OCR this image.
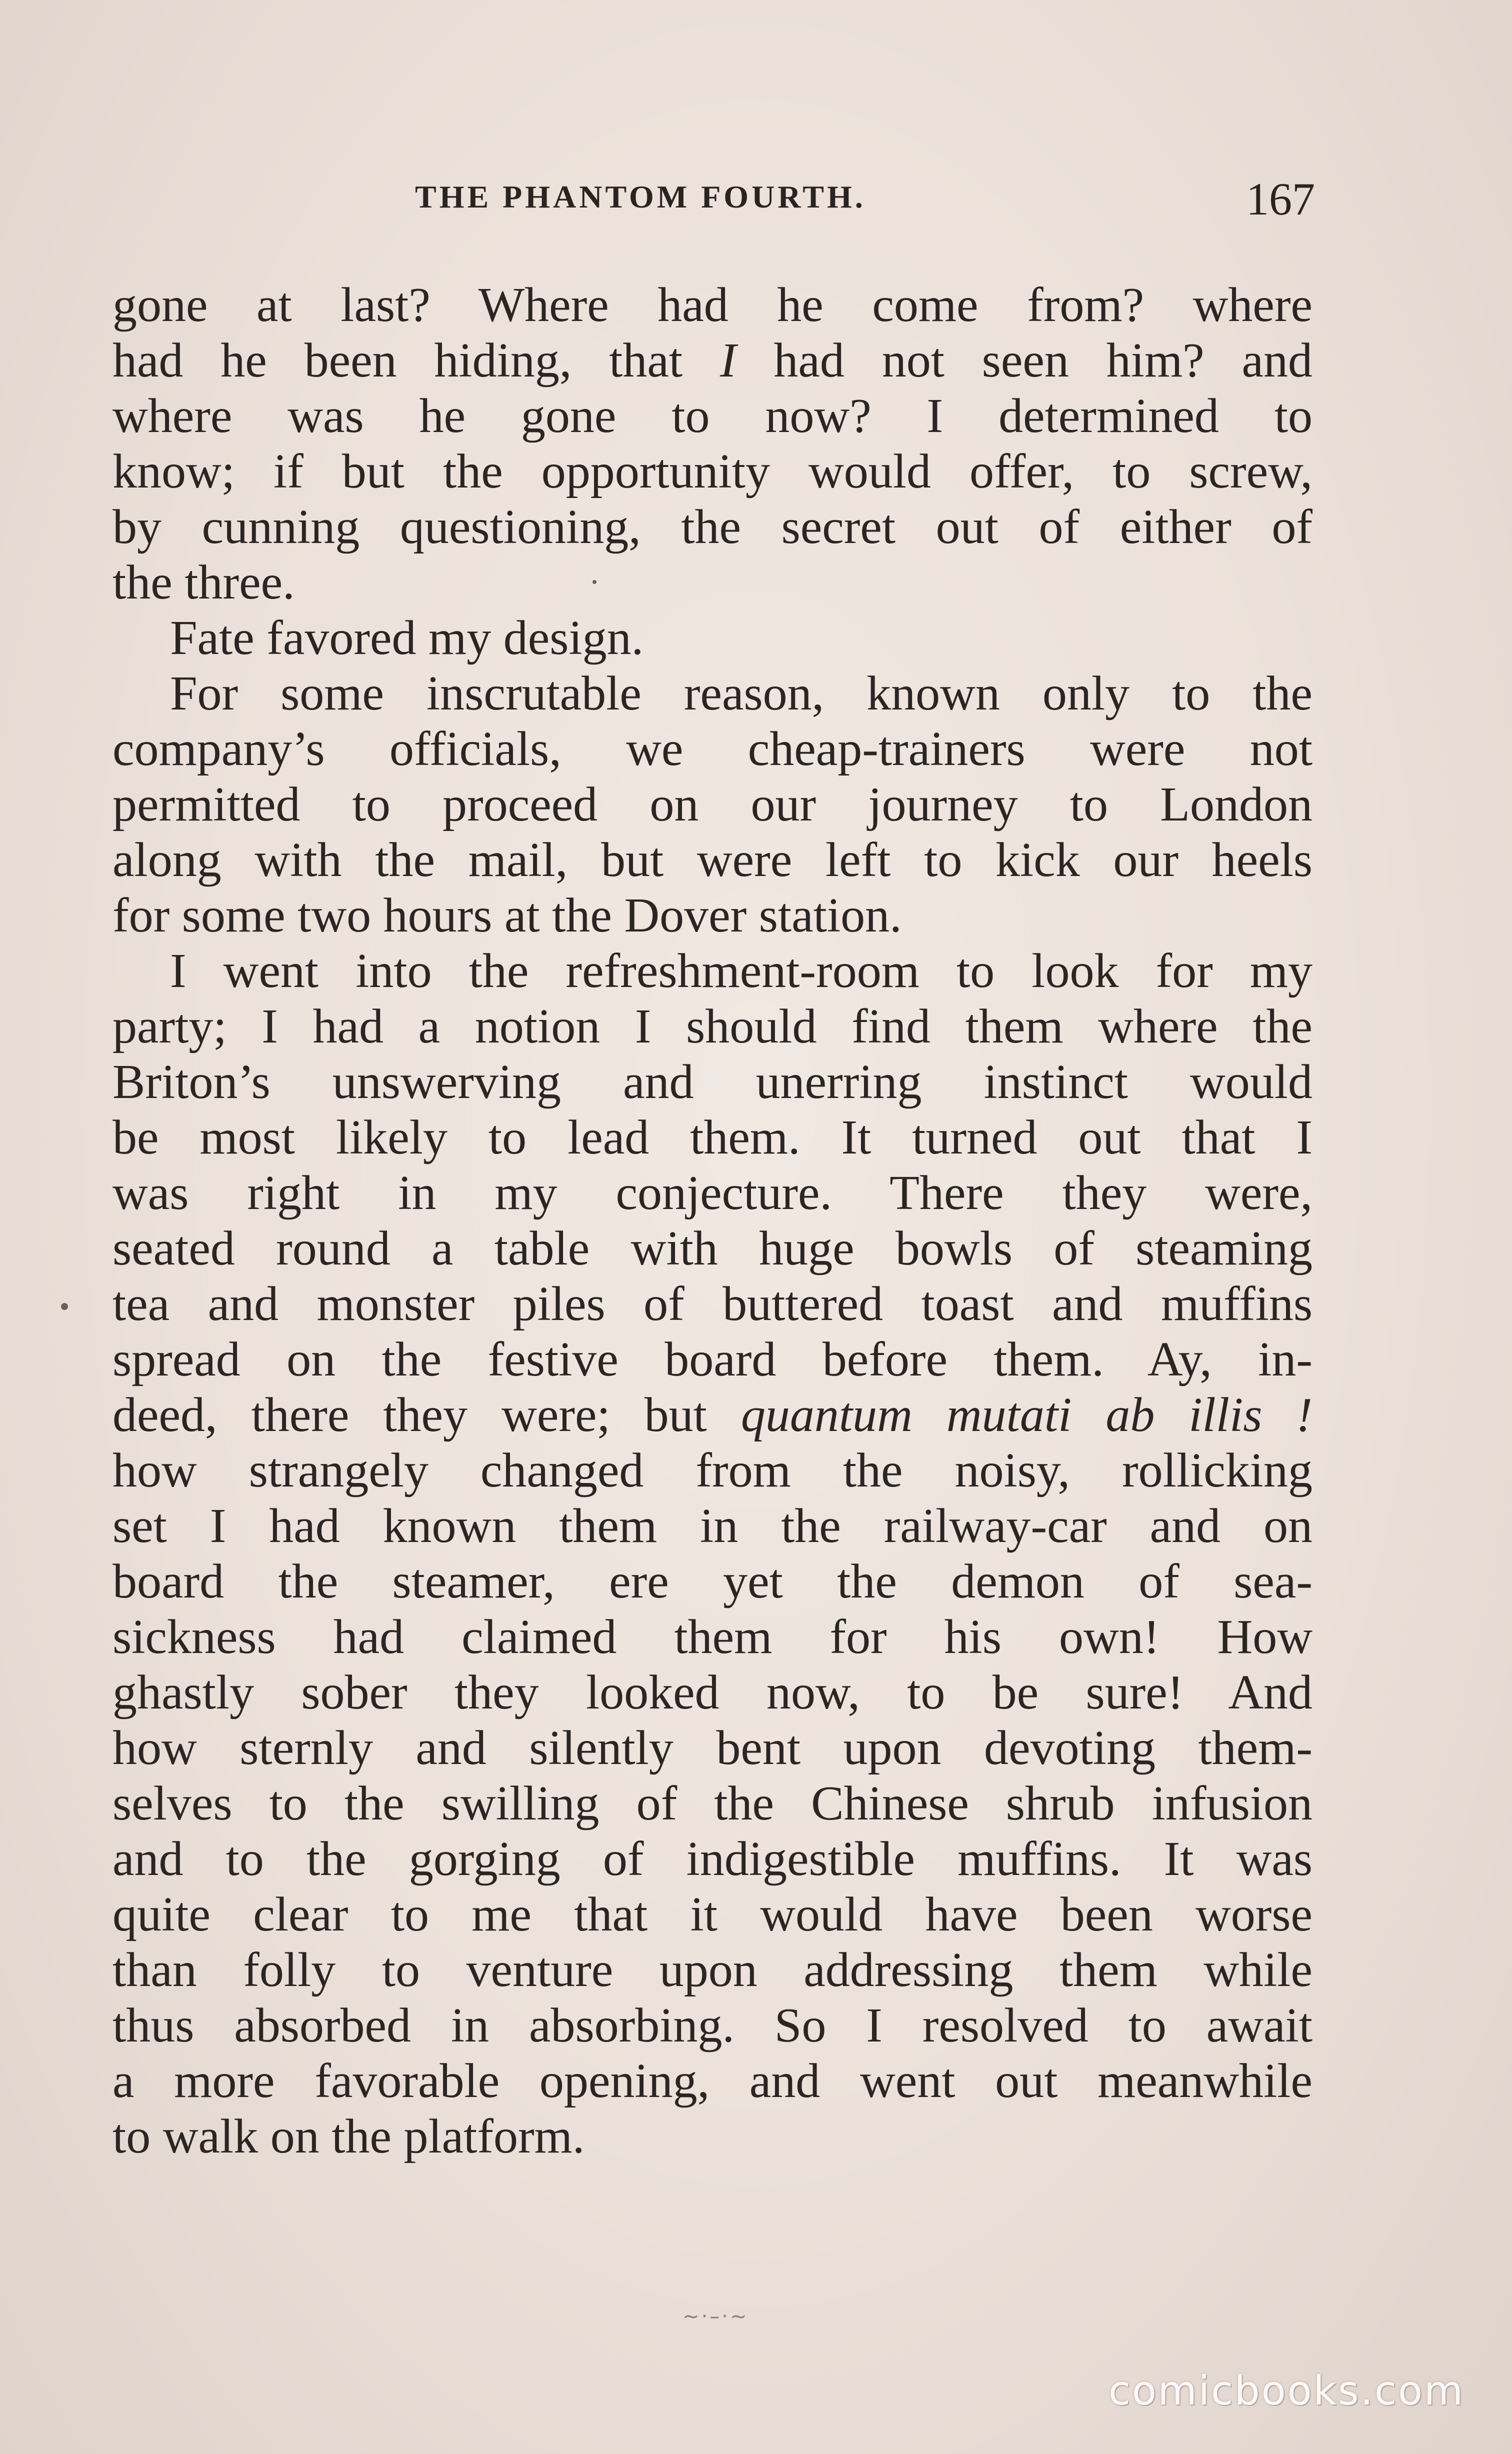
THE PHANTOM FOURTH.	167
gone at last? Where had he come from? where
had he been hiding, that I had not seen him? and
where was he gone to now? I determined to
know; if but the opportunity would offer, to screw,
by cunning questioning, the secret out of either of
the three.
Fate favored my design.
For some inscrutable reason, known only to the
company’s officials, we cheap-trainers were not
permitted to proceed on our journey to London
along with the mail, but were left to kick our heels
for some two hours at the Dover station.
I went into the refreshment-room to look for my
party; I had a notion I should find them where the
Briton’s unswerving and unerring instinct would
be most likely to lead them. It turned out that I
was right in my conjecture. There they were,
seated round a table with huge bowls of steaming
tea and monster piles of buttered toast and muffins
spread on the festive board before them. Ay, in-
deed, there they were; but quantum mutati ab illis !
how strangely changed from the noisy, rollicking
set I had known them in the railway-car and on
board the steamer, ere yet the demon of sea-
sickness had claimed them for his own! How
ghastly sober they looked now, to be sure! And
how sternly and silently bent upon devoting them-
selves to the swilling of the Chinese shrub infusion
and to the gorging of indigestible muffins. It was
quite clear to me that it would have been worse
than folly to venture upon addressing them while
thus absorbed in absorbing. So I resolved to await
a more favorable opening, and went out meanwhile
to walk on the platform.
~·–·~
comicbooks.com
